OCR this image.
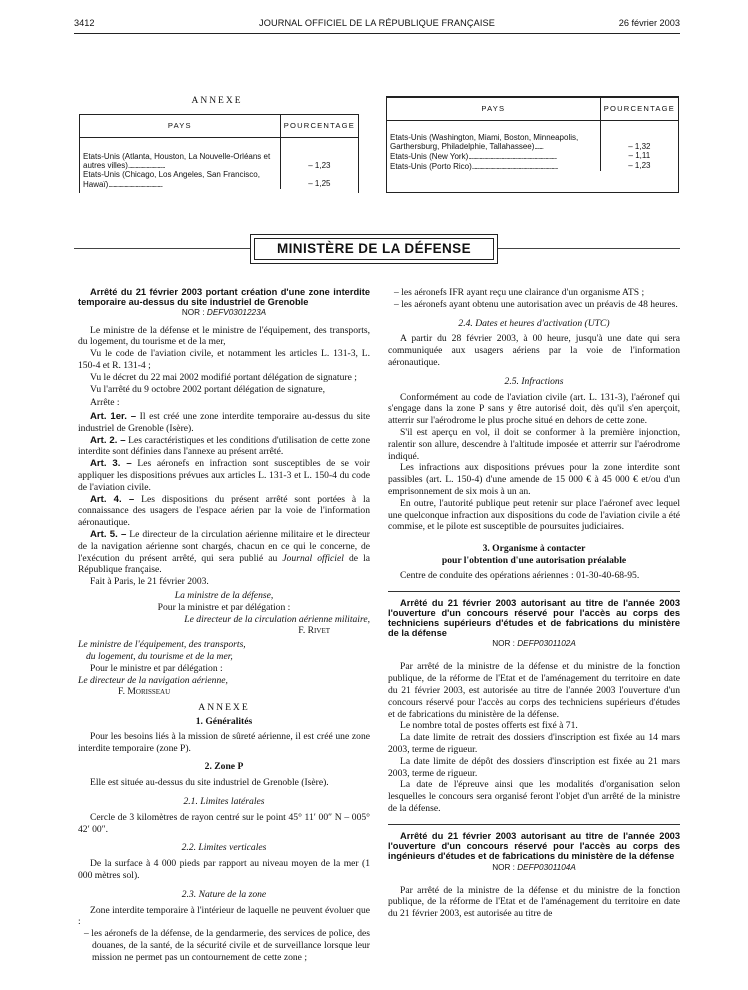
3412	JOURNAL OFFICIEL DE LA RÉPUBLIQUE FRANÇAISE	26 février 2003
ANNEXE
PAYS	POURCENTAGE
Etats-Unis (Atlanta, Houston, La Nouvelle-Orléans et autres villes)..............................	– 1,23
Etats-Unis (Chicago, Los Angeles, San Francisco, Hawaï)............................................	– 1,25
PAYS	POURCENTAGE
Etats-Unis (Washington, Miami, Boston, Minneapolis, Garthersburg, Philadelphie, Tallahassee).......	– 1,32
Etats-Unis (New York)........................................................................	– 1,11
Etats-Unis (Porto Rico)......................................................................	– 1,23
MINISTÈRE DE LA DÉFENSE

Arrêté du 21 février 2003 portant création d'une zone interdite temporaire au-dessus du site industriel de Grenoble

NOR : DEFV0301223A

Le ministre de la défense et le ministre de l'équipement, des transports, du logement, du tourisme et de la mer,

Vu le code de l'aviation civile, et notamment les articles L. 131-3, L. 150-4 et R. 131-4 ;

Vu le décret du 22 mai 2002 modifié portant délégation de signature ;

Vu l'arrêté du 9 octobre 2002 portant délégation de signature,

Arrête :

Art. 1er. – Il est créé une zone interdite temporaire au-dessus du site industriel de Grenoble (Isère).

Art. 2. – Les caractéristiques et les conditions d'utilisation de cette zone interdite sont définies dans l'annexe au présent arrêté.

Art. 3. – Les aéronefs en infraction sont susceptibles de se voir appliquer les dispositions prévues aux articles L. 131-3 et L. 150-4 du code de l'aviation civile.

Art. 4. – Les dispositions du présent arrêté sont portées à la connaissance des usagers de l'espace aérien par la voie de l'information aéronautique.

Art. 5. – Le directeur de la circulation aérienne militaire et le directeur de la navigation aérienne sont chargés, chacun en ce qui le concerne, de l'exécution du présent arrêté, qui sera publié au Journal officiel de la République française.

Fait à Paris, le 21 février 2003.

La ministre de la défense,
Pour la ministre et par délégation :
Le directeur de la circulation aérienne militaire,
F. Rivet
Le ministre de l'équipement, des transports,
du logement, du tourisme et de la mer,
Pour le ministre et par délégation :
Le directeur de la navigation aérienne,
F. Morisseau
ANNEXE
1. Généralités

Pour les besoins liés à la mission de sûreté aérienne, il est créé une zone interdite temporaire (zone P).

2. Zone P

Elle est située au-dessus du site industriel de Grenoble (Isère).

2.1. Limites latérales

Cercle de 3 kilomètres de rayon centré sur le point 45° 11′ 00″ N – 005° 42′ 00″.

2.2. Limites verticales

De la surface à 4 000 pieds par rapport au niveau moyen de la mer (1 000 mètres sol).

2.3. Nature de la zone

Zone interdite temporaire à l'intérieur de laquelle ne peuvent évoluer que :

– les aéronefs de la défense, de la gendarmerie, des services de police, des douanes, de la santé, de la sécurité civile et de surveillance lorsque leur mission ne permet pas un contournement de cette zone ;

– les aéronefs IFR ayant reçu une clairance d'un organisme ATS ;

– les aéronefs ayant obtenu une autorisation avec un préavis de 48 heures.

2.4. Dates et heures d'activation (UTC)

A partir du 28 février 2003, à 00 heure, jusqu'à une date qui sera communiquée aux usagers aériens par la voie de l'information aéronautique.

2.5. Infractions

Conformément au code de l'aviation civile (art. L. 131-3), l'aéronef qui s'engage dans la zone P sans y être autorisé doit, dès qu'il s'en aperçoit, atterrir sur l'aérodrome le plus proche situé en dehors de cette zone.

S'il est aperçu en vol, il doit se conformer à la première injonction, ralentir son allure, descendre à l'altitude imposée et atterrir sur l'aérodrome indiqué.

Les infractions aux dispositions prévues pour la zone interdite sont passibles (art. L. 150-4) d'une amende de 15 000 € à 45 000 € et/ou d'un emprisonnement de six mois à un an.

En outre, l'autorité publique peut retenir sur place l'aéronef avec lequel une quelconque infraction aux dispositions du code de l'aviation civile a été commise, et le pilote est susceptible de poursuites judiciaires.

3. Organisme à contacter
pour l'obtention d'une autorisation préalable

Centre de conduite des opérations aériennes : 01-30-40-68-95.

Arrêté du 21 février 2003 autorisant au titre de l'année 2003 l'ouverture d'un concours réservé pour l'accès au corps des techniciens supérieurs d'études et de fabrications du ministère de la défense

NOR : DEFP0301102A

Par arrêté de la ministre de la défense et du ministre de la fonction publique, de la réforme de l'Etat et de l'aménagement du territoire en date du 21 février 2003, est autorisée au titre de l'année 2003 l'ouverture d'un concours réservé pour l'accès au corps des techniciens supérieurs d'études et de fabrications du ministère de la défense.

Le nombre total de postes offerts est fixé à 71.

La date limite de retrait des dossiers d'inscription est fixée au 14 mars 2003, terme de rigueur.

La date limite de dépôt des dossiers d'inscription est fixée au 21 mars 2003, terme de rigueur.

La date de l'épreuve ainsi que les modalités d'organisation selon lesquelles le concours sera organisé feront l'objet d'un arrêté de la ministre de la défense.

Arrêté du 21 février 2003 autorisant au titre de l'année 2003 l'ouverture d'un concours réservé pour l'accès au corps des ingénieurs d'études et de fabrications du ministère de la défense

NOR : DEFP0301104A

Par arrêté de la ministre de la défense et du ministre de la fonction publique, de la réforme de l'Etat et de l'aménagement du territoire en date du 21 février 2003, est autorisée au titre de
